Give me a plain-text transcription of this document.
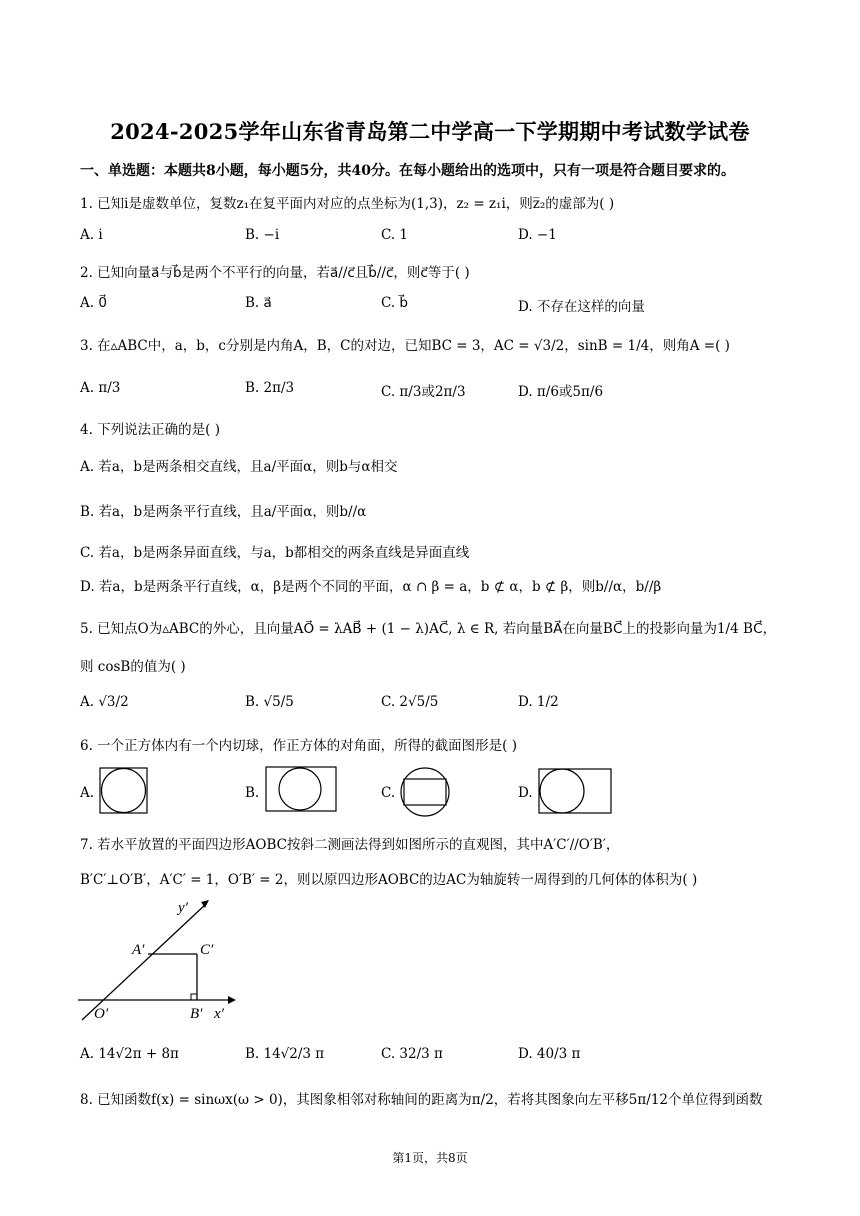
2024-2025学年山东省青岛第二中学高一下学期期中考试数学试卷
一、单选题：本题共8小题，每小题5分，共40分。在每小题给出的选项中，只有一项是符合题目要求的。
1. 已知i是虚数单位，复数z₁在复平面内对应的点坐标为(1,3)，z₂ = z₁i，则z̅₂的虚部为( )
A. i	B. −i	C. 1	D. −1
2. 已知向量a⃗与b⃗是两个不平行的向量，若a⃗//c⃗且b⃗//c⃗，则c⃗等于( )
A. 0⃗	B. a⃗	C. b⃗	D. 不存在这样的向量
3. 在▵ABC中，a，b，c分别是内角A，B，C的对边，已知BC = 3，AC = √3/2，sinB = 1/4，则角A =( )
A. π/3	B. 2π/3	C. π/3或2π/3	D. π/6或5π/6
4. 下列说法正确的是( )
A. 若a，b是两条相交直线，且a/平面α，则b与α相交
B. 若a，b是两条平行直线，且a/平面α，则b//α
C. 若a，b是两条异面直线，与a，b都相交的两条直线是异面直线
D. 若a，b是两条平行直线，α，β是两个不同的平面，α ∩ β = a，b ⊄ α，b ⊄ β，则b//α，b//β
5. 已知点O为▵ABC的外心，且向量AO⃗ = λAB⃗ + (1 − λ)AC⃗, λ ∈ R, 若向量BA⃗在向量BC⃗上的投影向量为1/4 BC⃗，
则 cosB的值为( )
A. √3/2	B. √5/5	C. 2√5/5	D. 1/2
6. 一个正方体内有一个内切球，作正方体的对角面，所得的截面图形是( )
A.	B.	C.	D.
7. 若水平放置的平面四边形AOBC按斜二测画法得到如图所示的直观图，其中A′C′//O′B′，
B′C′⊥O′B′，A′C′ = 1，O′B′ = 2，则以原四边形AOBC的边AC为轴旋转一周得到的几何体的体积为( )
y′
A′	C′
O′	B′ x′
A. 14√2π + 8π	B. 14√2/3 π	C. 32/3 π	D. 40/3 π
8. 已知函数f(x) = sinωx(ω > 0)，其图象相邻对称轴间的距离为π/2，若将其图象向左平移5π/12个单位得到函数
第1页，共8页
